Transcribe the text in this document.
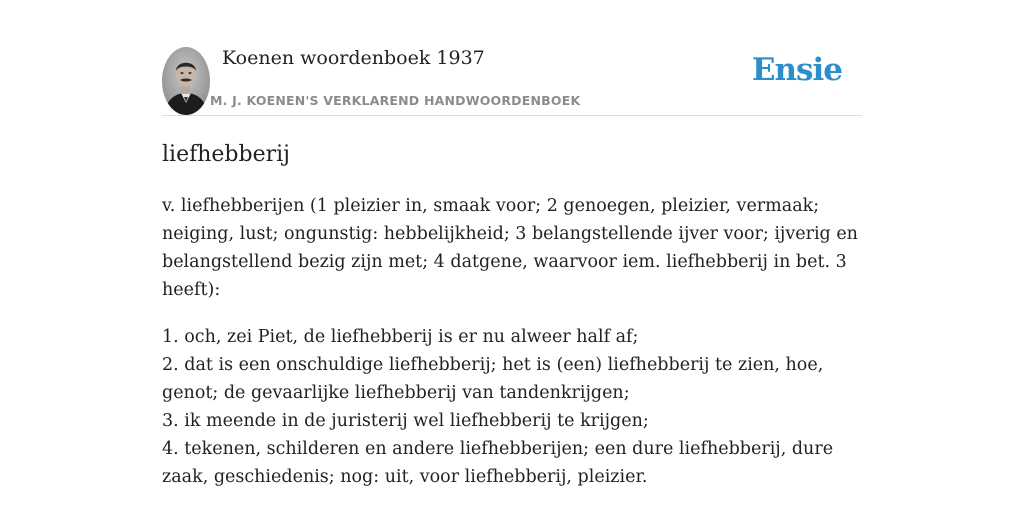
Koenen woordenboek 1937
M. J. KOENEN'S VERKLAREND HANDWOORDENBOEK
Ensie
liefhebberij

v. liefhebberijen (1 pleizier in, smaak voor; 2 genoegen, pleizier, vermaak; neiging, lust; ongunstig: hebbelijkheid; 3 belangstellende ijver voor; ijverig en belangstellend bezig zijn met; 4 datgene, waarvoor iem. liefhebberij in bet. 3 heeft):

1. och, zei Piet, de liefhebberij is er nu alweer half af;
2. dat is een onschuldige liefhebberij; het is (een) liefhebberij te zien, hoe, genot; de gevaarlijke liefhebberij van tandenkrijgen;
3. ik meende in de juristerij wel liefhebberij te krijgen;
4. tekenen, schilderen en andere liefhebberijen; een dure liefhebberij, dure zaak, geschiedenis; nog: uit, voor liefhebberij, pleizier.
